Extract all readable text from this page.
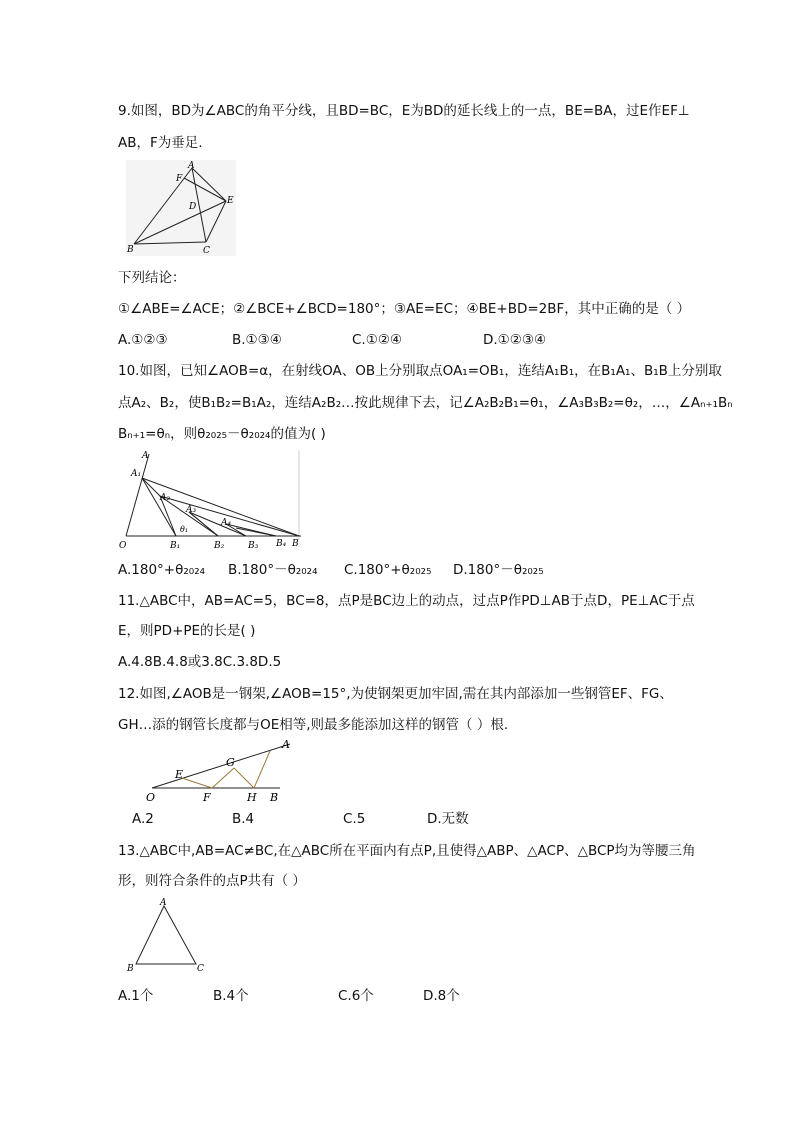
9.如图，BD为∠ABC的角平分线，且BD=BC，E为BD的延长线上的一点，BE=BA，过E作EF⊥
AB，F为垂足.
A
F
D
E
B	C
下列结论：
①∠ABE=∠ACE；②∠BCE+∠BCD=180°；③AE=EC；④BE+BD=2BF，其中正确的是（ ）
A.①②③	B.①③④	C.①②④	D.①②③④
10.如图，已知∠AOB=α，在射线OA、OB上分别取点OA₁=OB₁，连结A₁B₁，在B₁A₁、B₁B上分别取
点A₂、B₂，使B₁B₂=B₁A₂，连结A₂B₂…按此规律下去，记∠A₂B₂B₁=θ₁，∠A₃B₃B₂=θ₂，…，∠Aₙ₊₁Bₙ
Bₙ₊₁=θₙ，则θ₂₀₂₅－θ₂₀₂₄的值为( )
A
A₁
A₂
A₃
A₄
θ₁
O	B₁	B₂	B₃ B₄ B
A.180°+θ₂₀₂₄ B.180°－θ₂₀₂₄ C.180°+θ₂₀₂₅ D.180°－θ₂₀₂₅
11.△ABC中，AB=AC=5，BC=8，点P是BC边上的动点，过点P作PD⊥AB于点D，PE⊥AC于点
E，则PD+PE的长是( )
A.4.8B.4.8或3.8C.3.8D.5
12.如图,∠AOB是一钢架,∠AOB=15°,为使钢架更加牢固,需在其内部添加一些钢管EF、FG、
GH…添的钢管长度都与OE相等,则最多能添加这样的钢管（ ）根.
E
G
A
O	F	H B
A.2	B.4	C.5	D.无数
13.△ABC中,AB=AC≠BC,在△ABC所在平面内有点P,且使得△ABP、△ACP、△BCP均为等腰三角
形，则符合条件的点P共有（ ）
A
B	C
A.1个	B.4个	C.6个	D.8个
